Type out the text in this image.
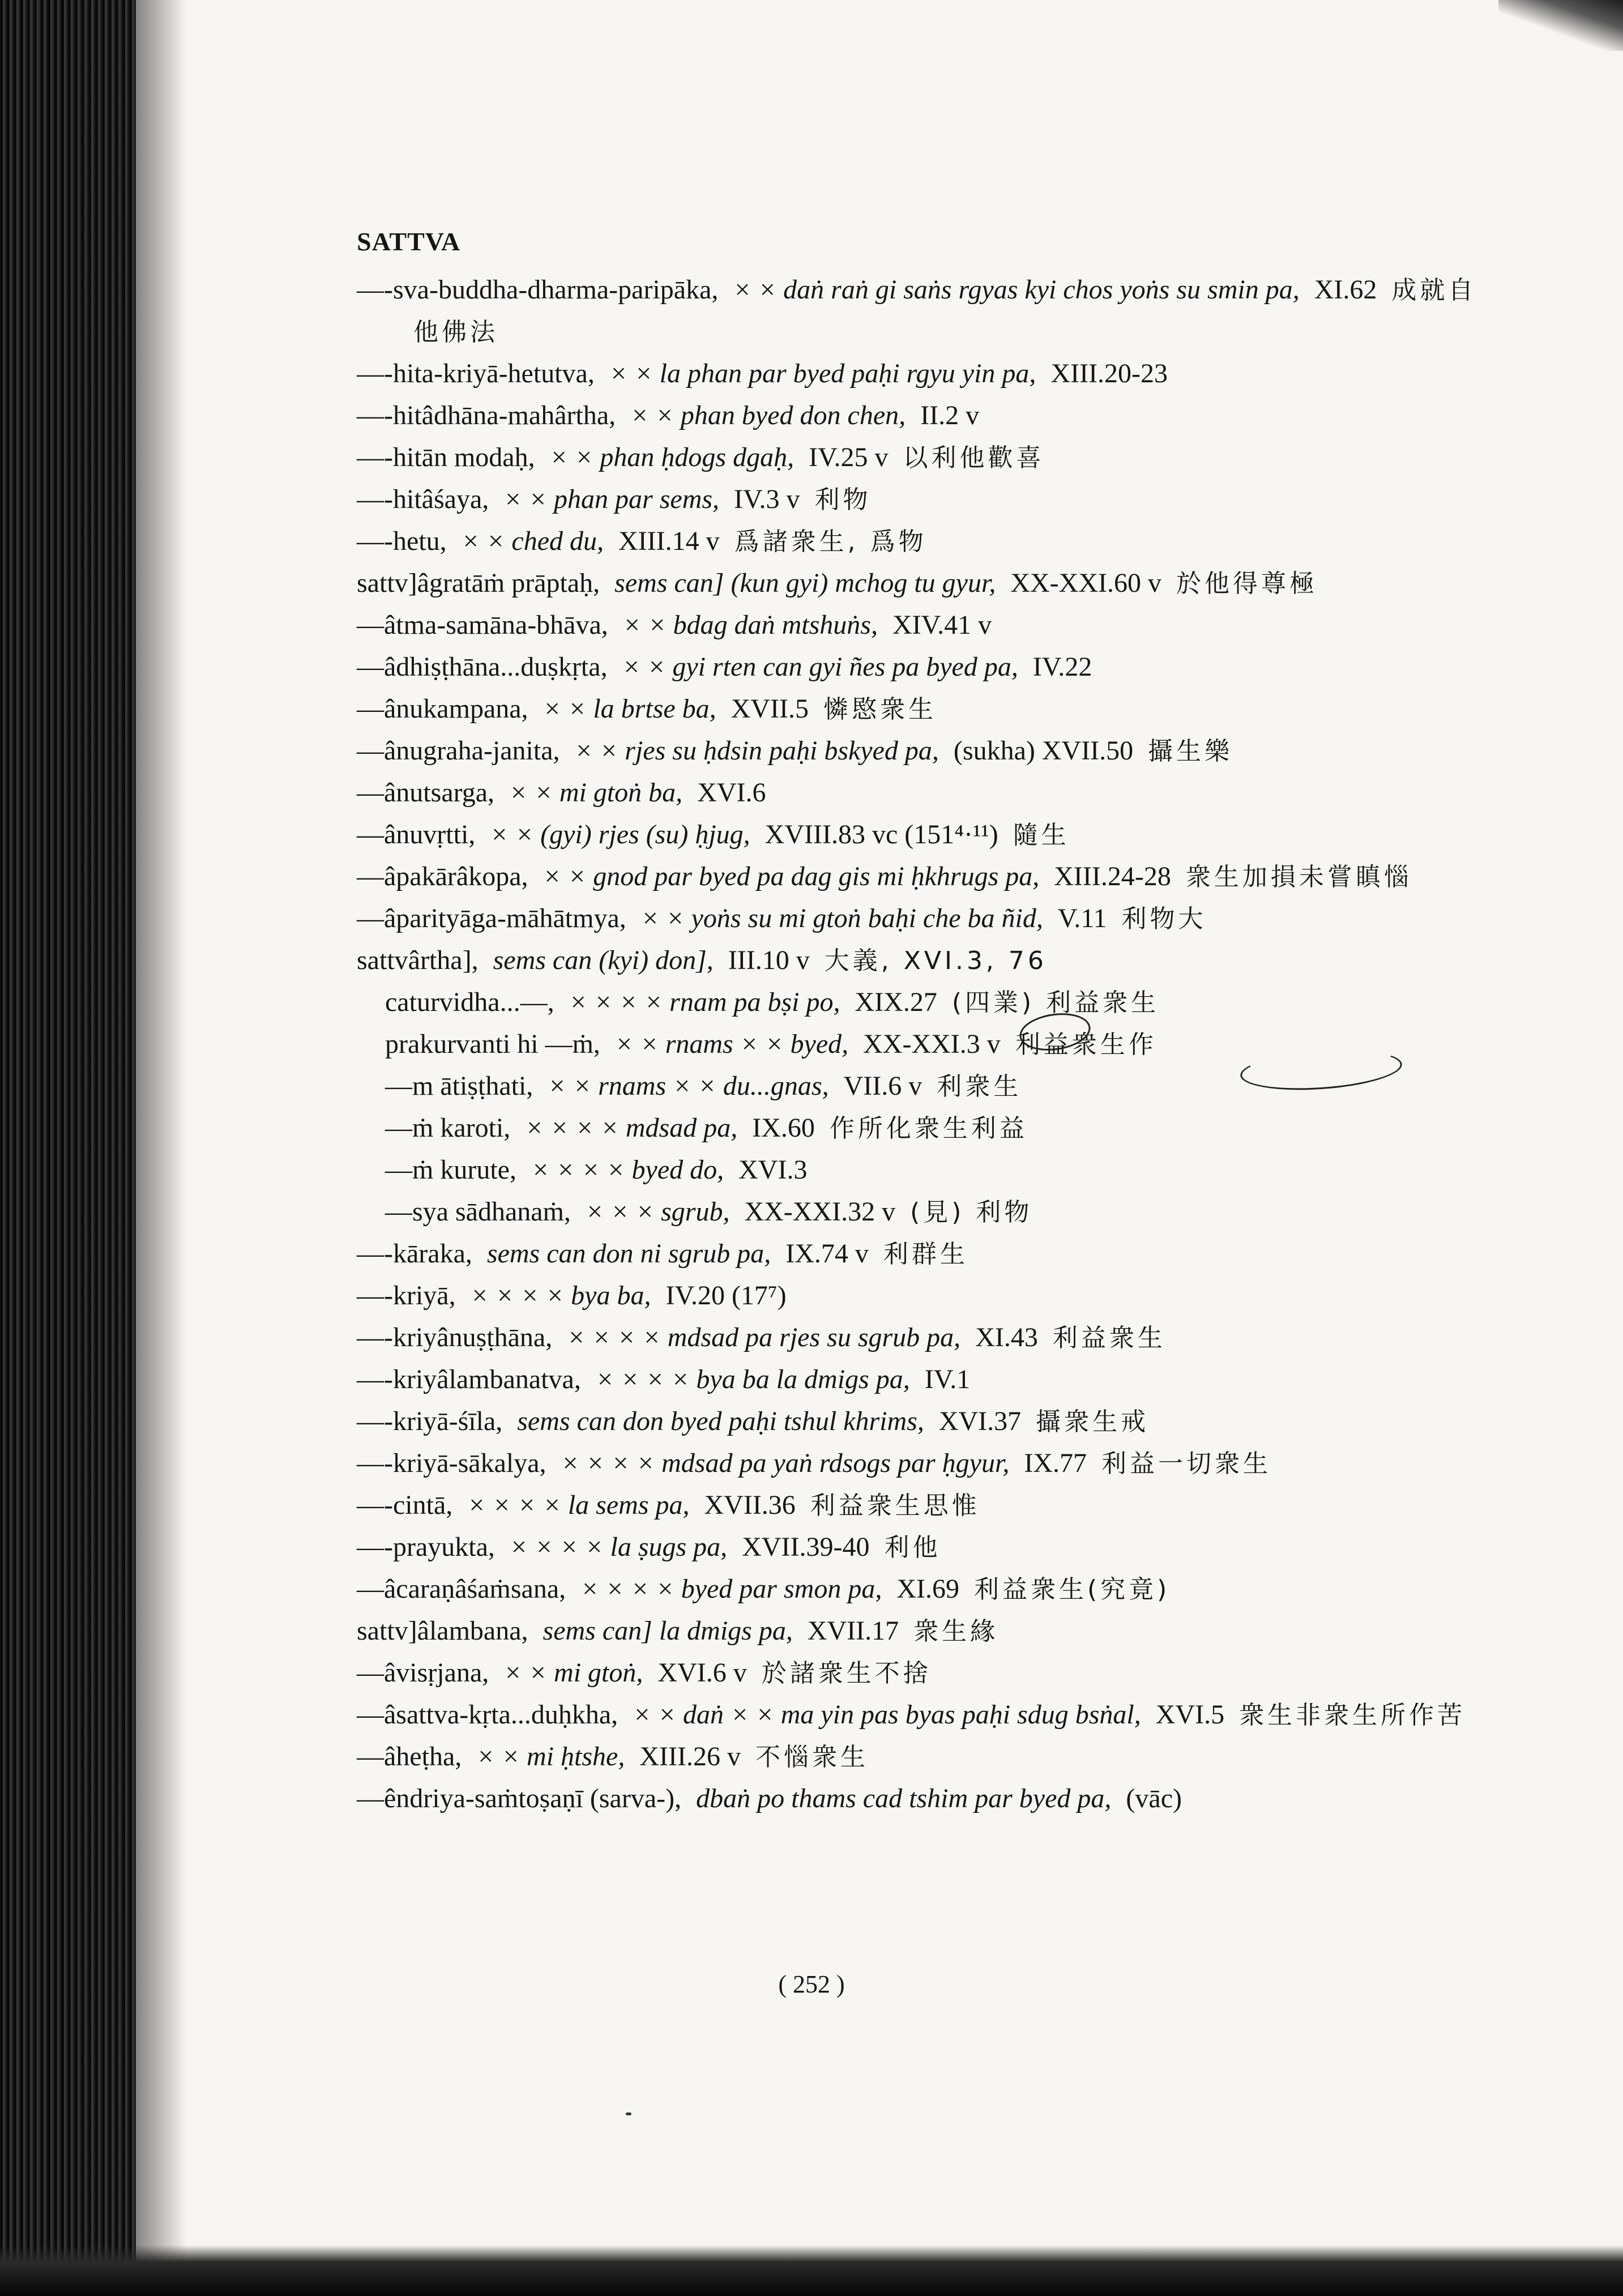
SATTVA
—-sva-buddha-dharma-paripāka, × × daṅ raṅ gi saṅs rgyas kyi chos yoṅs su smin pa, XI.62 成就自他佛法
—-hita-kriyā-hetutva, × × la phan par byed paḥi rgyu yin pa, XIII.20-23
—-hitâdhāna-mahârtha, × × phan byed don chen, II.2 v
—-hitān modaḥ, × × phan ḥdogs dgaḥ, IV.25 v 以利他歡喜
—-hitâśaya, × × phan par sems, IV.3 v 利物
—-hetu, × × ched du, XIII.14 v 爲諸衆生, 爲物
sattv]âgratāṁ prāptaḥ, sems can] (kun gyi) mchog tu gyur, XX-XXI.60 v 於他得尊極
—âtma-samāna-bhāva, × × bdag daṅ mtshuṅs, XIV.41 v
—âdhiṣṭhāna...duṣkṛta, × × gyi rten can gyi ñes pa byed pa, IV.22
—ânukampana, × × la brtse ba, XVII.5 憐愍衆生
—ânugraha-janita, × × rjes su ḥdsin paḥi bskyed pa, (sukha) XVII.50 攝生樂
—ânutsarga, × × mi gtoṅ ba, XVI.6
—ânuvṛtti, × × (gyi) rjes (su) ḥjug, XVIII.83 vc (151⁴·¹¹) 隨生
—âpakārâkopa, × × gnod par byed pa dag gis mi ḥkhrugs pa, XIII.24-28 衆生加損未嘗瞋惱
—âparityāga-māhātmya, × × yoṅs su mi gtoṅ baḥi che ba ñid, V.11 利物大
sattvârtha], sems can (kyi) don], III.10 v 大義, XVI.3, 76
caturvidha...—, × × × × rnam pa bṣi po, XIX.27 (四業) 利益衆生
prakurvanti hi —ṁ, × × rnams × × byed, XX-XXI.3 v 利益衆生作
—m ātiṣṭhati, × × rnams × × du...gnas, VII.6 v 利衆生
—ṁ karoti, × × × × mdsad pa, IX.60 作所化衆生利益
—ṁ kurute, × × × × byed do, XVI.3
—sya sādhanaṁ, × × × sgrub, XX-XXI.32 v (見) 利物
—-kāraka, sems can don ni sgrub pa, IX.74 v 利群生
—-kriyā, × × × × bya ba, IV.20 (17⁷)
—-kriyânuṣṭhāna, × × × × mdsad pa rjes su sgrub pa, XI.43 利益衆生
—-kriyâlambanatva, × × × × bya ba la dmigs pa, IV.1
—-kriyā-śīla, sems can don byed paḥi tshul khrims, XVI.37 攝衆生戒
—-kriyā-sākalya, × × × × mdsad pa yaṅ rdsogs par ḥgyur, IX.77 利益一切衆生
—-cintā, × × × × la sems pa, XVII.36 利益衆生思惟
—-prayukta, × × × × la ṣugs pa, XVII.39-40 利他
—âcaraṇâśaṁsana, × × × × byed par smon pa, XI.69 利益衆生(究竟)
sattv]âlambana, sems can] la dmigs pa, XVII.17 衆生緣
—âvisṛjana, × × mi gtoṅ, XVI.6 v 於諸衆生不捨
—âsattva-kṛta...duḥkha, × × daṅ × × ma yin pas byas paḥi sdug bsṅal, XVI.5 衆生非衆生所作苦
—âheṭha, × × mi ḥtshe, XIII.26 v 不惱衆生
—êndriya-saṁtoṣaṇī (sarva-), dbaṅ po thams cad tshim par byed pa, (vāc)
( 252 )
